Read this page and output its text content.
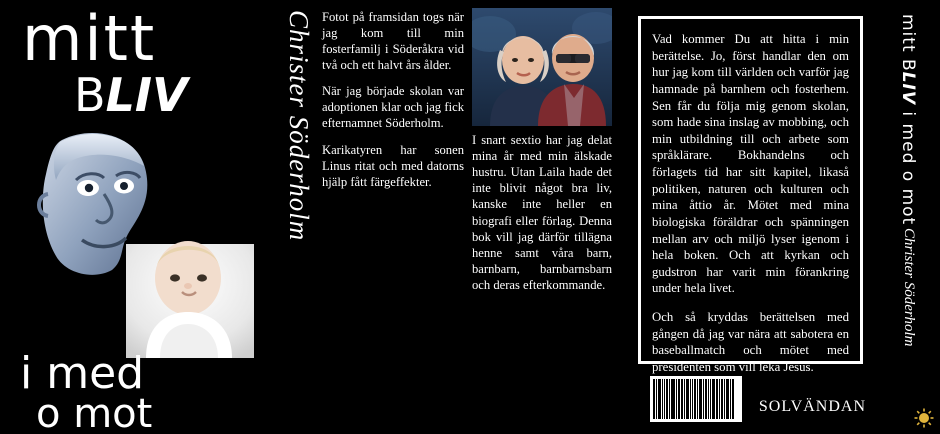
mitt
BLIV
i med
o mot
Christer Söderholm Fotot på framsidan togs när jag kom till min fosterfamilj i Söderåkra vid två och ett halvt års ålder.

När jag började skolan var adoptionen klar och jag fick efternamnet Söderholm.

Karikatyren har sonen Linus ritat och med datorns hjälp fått färgeffekter.

I snart sextio har jag delat mina år med min älskade hustru. Utan Laila hade det inte blivit något bra liv, kanske inte heller en biografi eller förlag. Denna bok vill jag därför tillägna henne samt våra barn, barnbarn, barnbarnsbarn och deras efterkommande.

Vad kommer Du att hitta i min berättelse. Jo, först handlar den om hur jag kom till världen och varför jag hamnade på barnhem och fosterhem. Sen får du följa mig genom skolan, som hade sina inslag av mobbing, och min utbildning till och arbete som språklärare. Bokhandelns och förlagets tid har sitt kapitel, likaså politiken, naturen och kulturen och mina åttio år. Mötet med mina biologiska föräldrar och spänningen mellan arv och miljö lyser igenom i hela boken. Och att kyrkan och gudstron har varit min förankring under hela livet.

Och så kryddas berättelsen med gången då jag var nära att sabotera en baseballmatch och mötet med presidenten som vill leka Jesus.

SOLVÄNDAN
mitt BLIV i med o mot
Christer Söderholm
